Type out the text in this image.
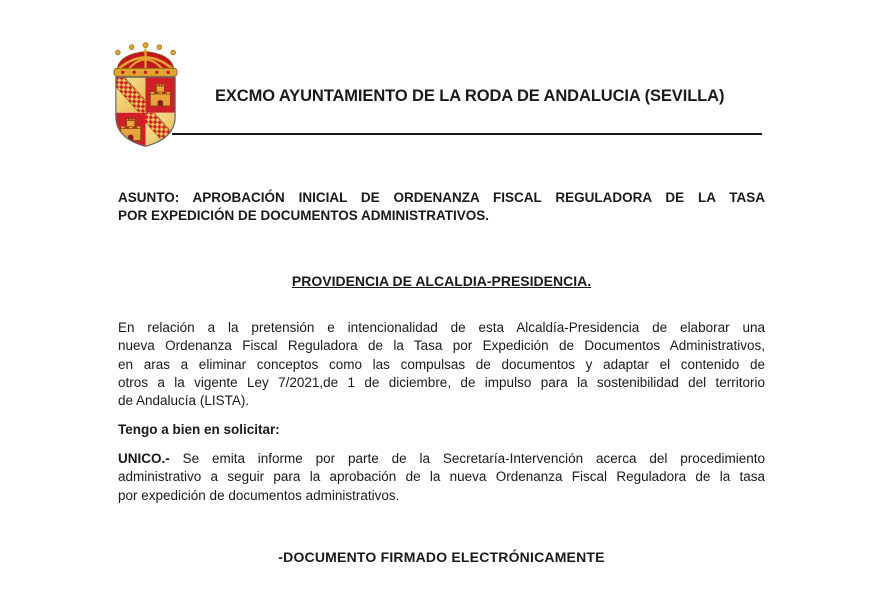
EXCMO AYUNTAMIENTO DE LA RODA DE ANDALUCIA (SEVILLA)
ASUNTO: APROBACIÓN INICIAL DE ORDENANZA FISCAL REGULADORA DE LA TASA
POR EXPEDICIÓN DE DOCUMENTOS ADMINISTRATIVOS.
PROVIDENCIA DE ALCALDIA-PRESIDENCIA.
En relación a la pretensión e intencionalidad de esta Alcaldía-Presidencia de elaborar una
nueva Ordenanza Fiscal Reguladora de la Tasa por Expedición de Documentos Administrativos,
en aras a eliminar conceptos como las compulsas de documentos y adaptar el contenido de
otros a la vigente Ley 7/2021,de 1 de diciembre, de impulso para la sostenibilidad del territorio
de Andalucía (LISTA).
Tengo a bien en solicitar:
UNICO.- Se emita informe por parte de la Secretaría-Intervención acerca del procedimiento
administrativo a seguir para la aprobación de la nueva Ordenanza Fiscal Reguladora de la tasa
por expedición de documentos administrativos.
-DOCUMENTO FIRMADO ELECTRÓNICAMENTE
